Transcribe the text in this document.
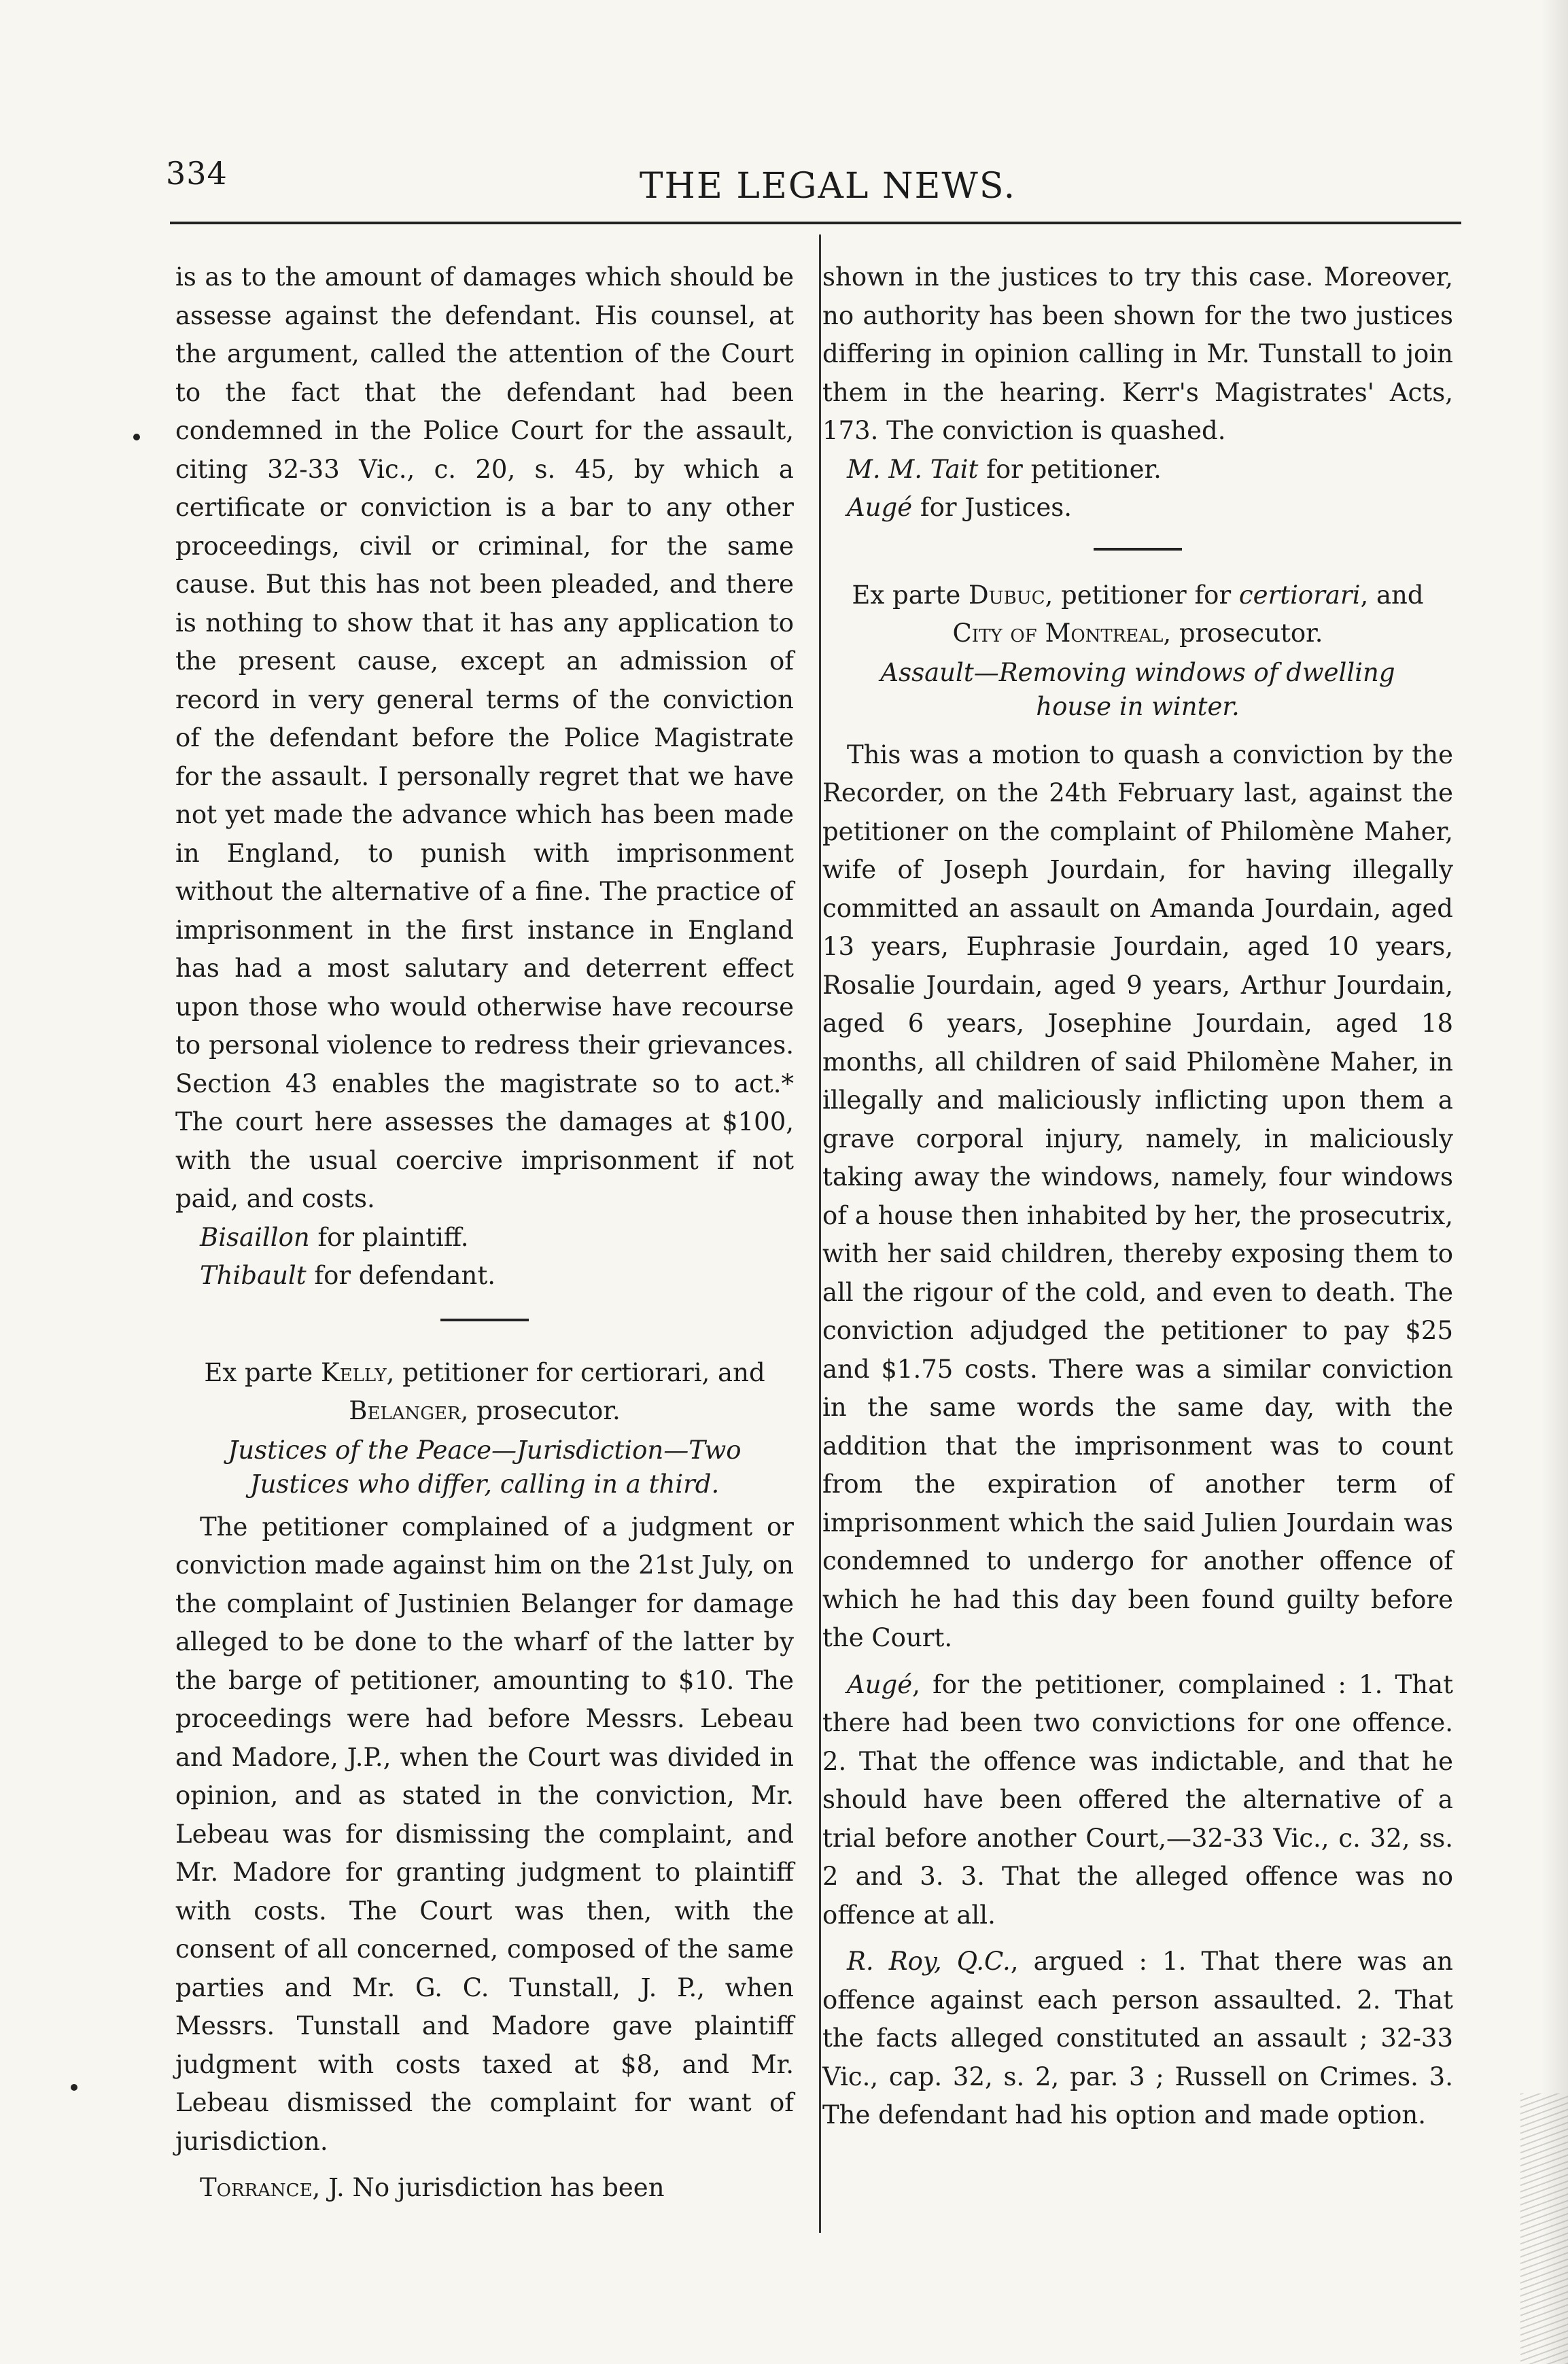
334	THE LEGAL NEWS.

is as to the amount of damages which should be assesse against the defendant. His counsel, at the argument, called the attention of the Court to the fact that the defendant had been condemned in the Police Court for the assault, citing 32-33 Vic., c. 20, s. 45, by which a certificate or conviction is a bar to any other proceedings, civil or criminal, for the same cause. But this has not been pleaded, and there is nothing to show that it has any application to the present cause, except an admission of record in very general terms of the conviction of the defendant before the Police Magistrate for the assault. I personally regret that we have not yet made the advance which has been made in England, to punish with imprisonment without the alternative of a fine. The practice of imprisonment in the first instance in England has had a most salutary and deterrent effect upon those who would otherwise have recourse to personal violence to redress their grievances. Section 43 enables the magistrate so to act.* The court here assesses the damages at $100, with the usual coercive imprisonment if not paid, and costs.

Bisaillon for plaintiff.

Thibault for defendant.

Ex parte Kelly, petitioner for certiorari, and Belanger, prosecutor.

Justices of the Peace—Jurisdiction—Two Justices who differ, calling in a third.

The petitioner complained of a judgment or conviction made against him on the 21st July, on the complaint of Justinien Belanger for damage alleged to be done to the wharf of the latter by the barge of petitioner, amounting to $10. The proceedings were had before Messrs. Lebeau and Madore, J.P., when the Court was divided in opinion, and as stated in the conviction, Mr. Lebeau was for dismissing the complaint, and Mr. Madore for granting judgment to plaintiff with costs. The Court was then, with the consent of all concerned, composed of the same parties and Mr. G. C. Tunstall, J. P., when Messrs. Tunstall and Madore gave plaintiff judgment with costs taxed at $8, and Mr. Lebeau dismissed the complaint for want of jurisdiction.

Torrance, J. No jurisdiction has been

shown in the justices to try this case. Moreover, no authority has been shown for the two justices differing in opinion calling in Mr. Tunstall to join them in the hearing. Kerr's Magistrates' Acts, 173. The conviction is quashed.

M. M. Tait for petitioner.

Augé for Justices.

Ex parte Dubuc, petitioner for certiorari, and
City of Montreal, prosecutor.

Assault—Removing windows of dwelling house in winter.

This was a motion to quash a conviction by the Recorder, on the 24th February last, against the petitioner on the complaint of Philomène Maher, wife of Joseph Jourdain, for having illegally committed an assault on Amanda Jourdain, aged 13 years, Euphrasie Jourdain, aged 10 years, Rosalie Jourdain, aged 9 years, Arthur Jourdain, aged 6 years, Josephine Jourdain, aged 18 months, all children of said Philomène Maher, in illegally and maliciously inflicting upon them a grave corporal injury, namely, in maliciously taking away the windows, namely, four windows of a house then inhabited by her, the prosecutrix, with her said children, thereby exposing them to all the rigour of the cold, and even to death. The conviction adjudged the petitioner to pay $25 and $1.75 costs. There was a similar conviction in the same words the same day, with the addition that the imprisonment was to count from the expiration of another term of imprisonment which the said Julien Jourdain was condemned to undergo for another offence of which he had this day been found guilty before the Court.

Augé, for the petitioner, complained : 1. That there had been two convictions for one offence. 2. That the offence was indictable, and that he should have been offered the alternative of a trial before another Court,—32-33 Vic., c. 32, ss. 2 and 3. 3. That the alleged offence was no offence at all.

R. Roy, Q.C., argued : 1. That there was an offence against each person assaulted. 2. That the facts alleged constituted an assault ; 32-33 Vic., cap. 32, s. 2, par. 3 ; Russell on Crimes. 3. The defendant had his option and made option.
